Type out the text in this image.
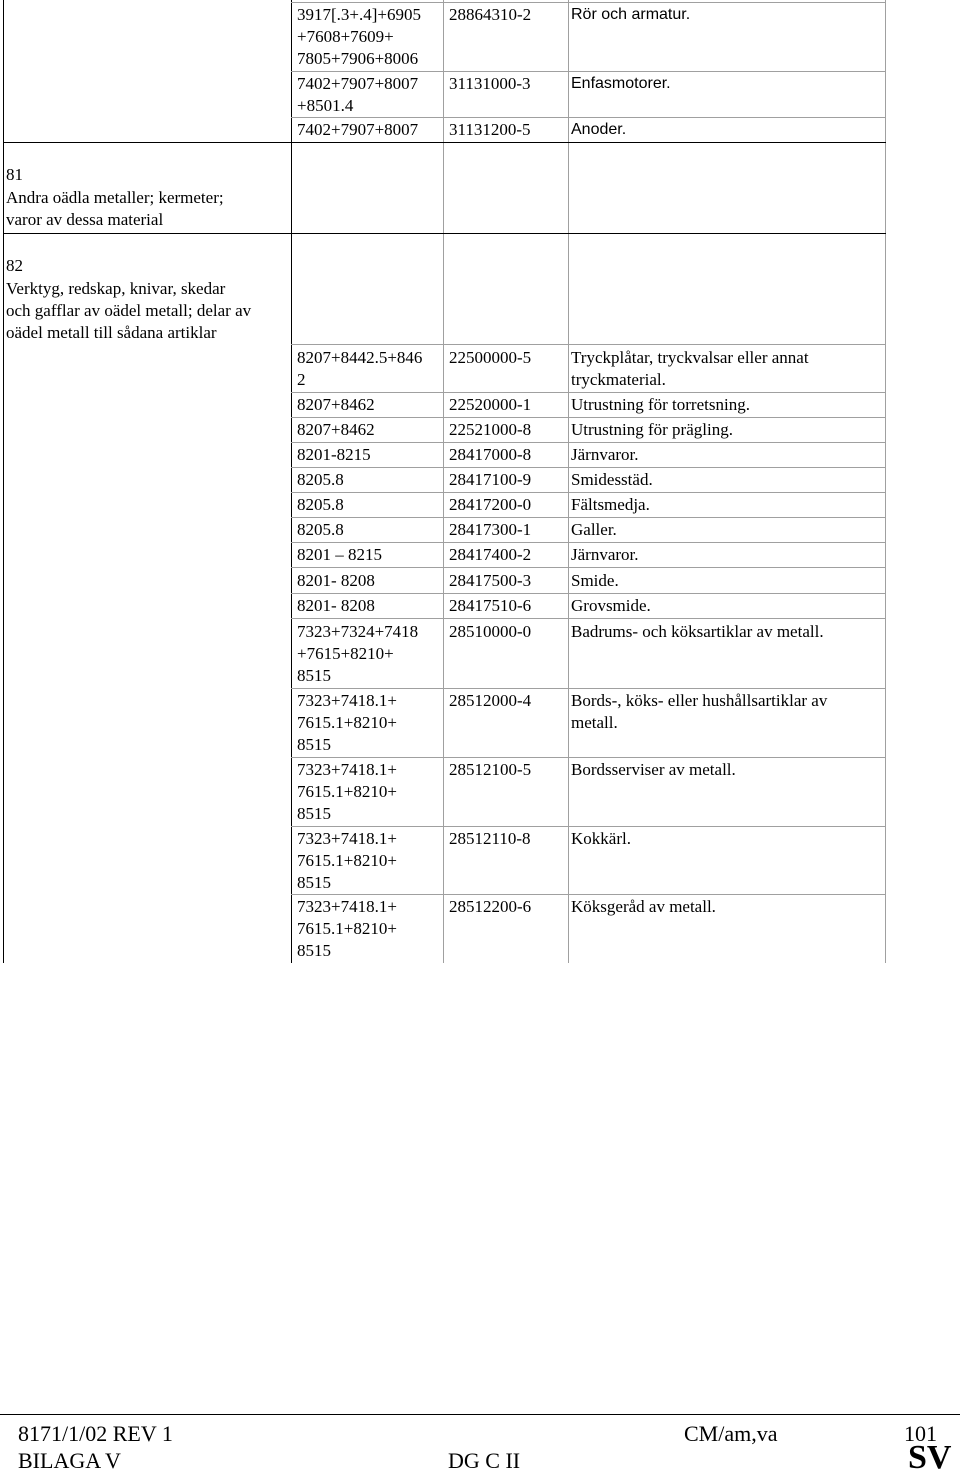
81
Andra oädla metaller; kermeter;
varor av dessa material
82
Verktyg, redskap, knivar, skedar
och gafflar av oädel metall; delar av
oädel metall till sådana artiklar
3917[.3+.4]+6905
+7608+7609+
7805+7906+8006
28864310-2 Rör och armatur.
7402+7907+8007
+8501.4
31131000-3	Enfasmotorer.
7402+7907+8007 31131200-5	Anoder.
8207+8442.5+846
2
22500000-5 Tryckplåtar, tryckvalsar eller annat
tryckmaterial.
8207+8462	22520000-1 Utrustning för torretsning.
8207+8462	22521000-8 Utrustning för prägling.
8201-8215	28417000-8 Järnvaror.
8205.8	28417100-9 Smidesstäd.
8205.8	28417200-0 Fältsmedja.
8205.8	28417300-1 Galler.
8201 – 8215	28417400-2 Järnvaror.
8201- 8208	28417500-3 Smide.
8201- 8208	28417510-6 Grovsmide.
7323+7324+7418
+7615+8210+
8515
28510000-0 Badrums- och köksartiklar av metall.
7323+7418.1+
7615.1+8210+
8515
28512000-4 Bords-, köks- eller hushållsartiklar av
metall.
7323+7418.1+
7615.1+8210+
8515
28512100-5 Bordsserviser av metall.
7323+7418.1+
7615.1+8210+
8515
28512110-8 Kokkärl.
7323+7418.1+
7615.1+8210+
8515
28512200-6 Köksgeråd av metall.
8171/1/02 REV 1	CM/am,va	101
BILAGA V	DG C II	SV
